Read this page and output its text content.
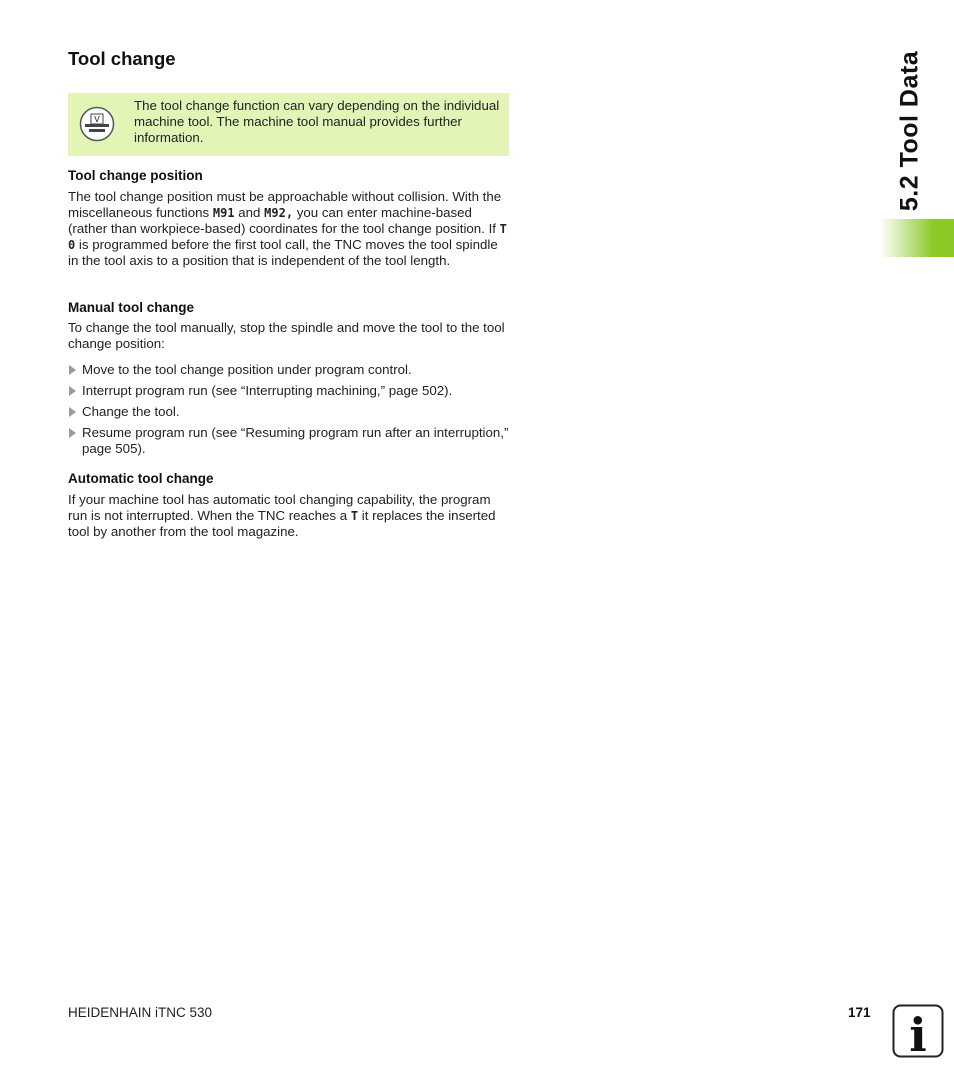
Tool change
V
The tool change function can vary depending on the individual machine tool. The machine tool manual provides further information.
Tool change position

The tool change position must be approachable without collision. With the miscellaneous functions M91 and M92, you can enter machine-based (rather than workpiece-based) coordinates for the tool change position. If T 0 is programmed before the first tool call, the TNC moves the tool spindle in the tool axis to a position that is independent of the tool length.

Manual tool change

To change the tool manually, stop the spindle and move the tool to the tool change position:

Move to the tool change position under program control.
Interrupt program run (see “Interrupting machining,” page 502).
Change the tool.
Resume program run (see “Resuming program run after an interruption,” page 505).
Automatic tool change

If your machine tool has automatic tool changing capability, the program run is not interrupted. When the TNC reaches a T it replaces the inserted tool by another from the tool magazine.

5.2 Tool Data
HEIDENHAIN iTNC 530	171 i
